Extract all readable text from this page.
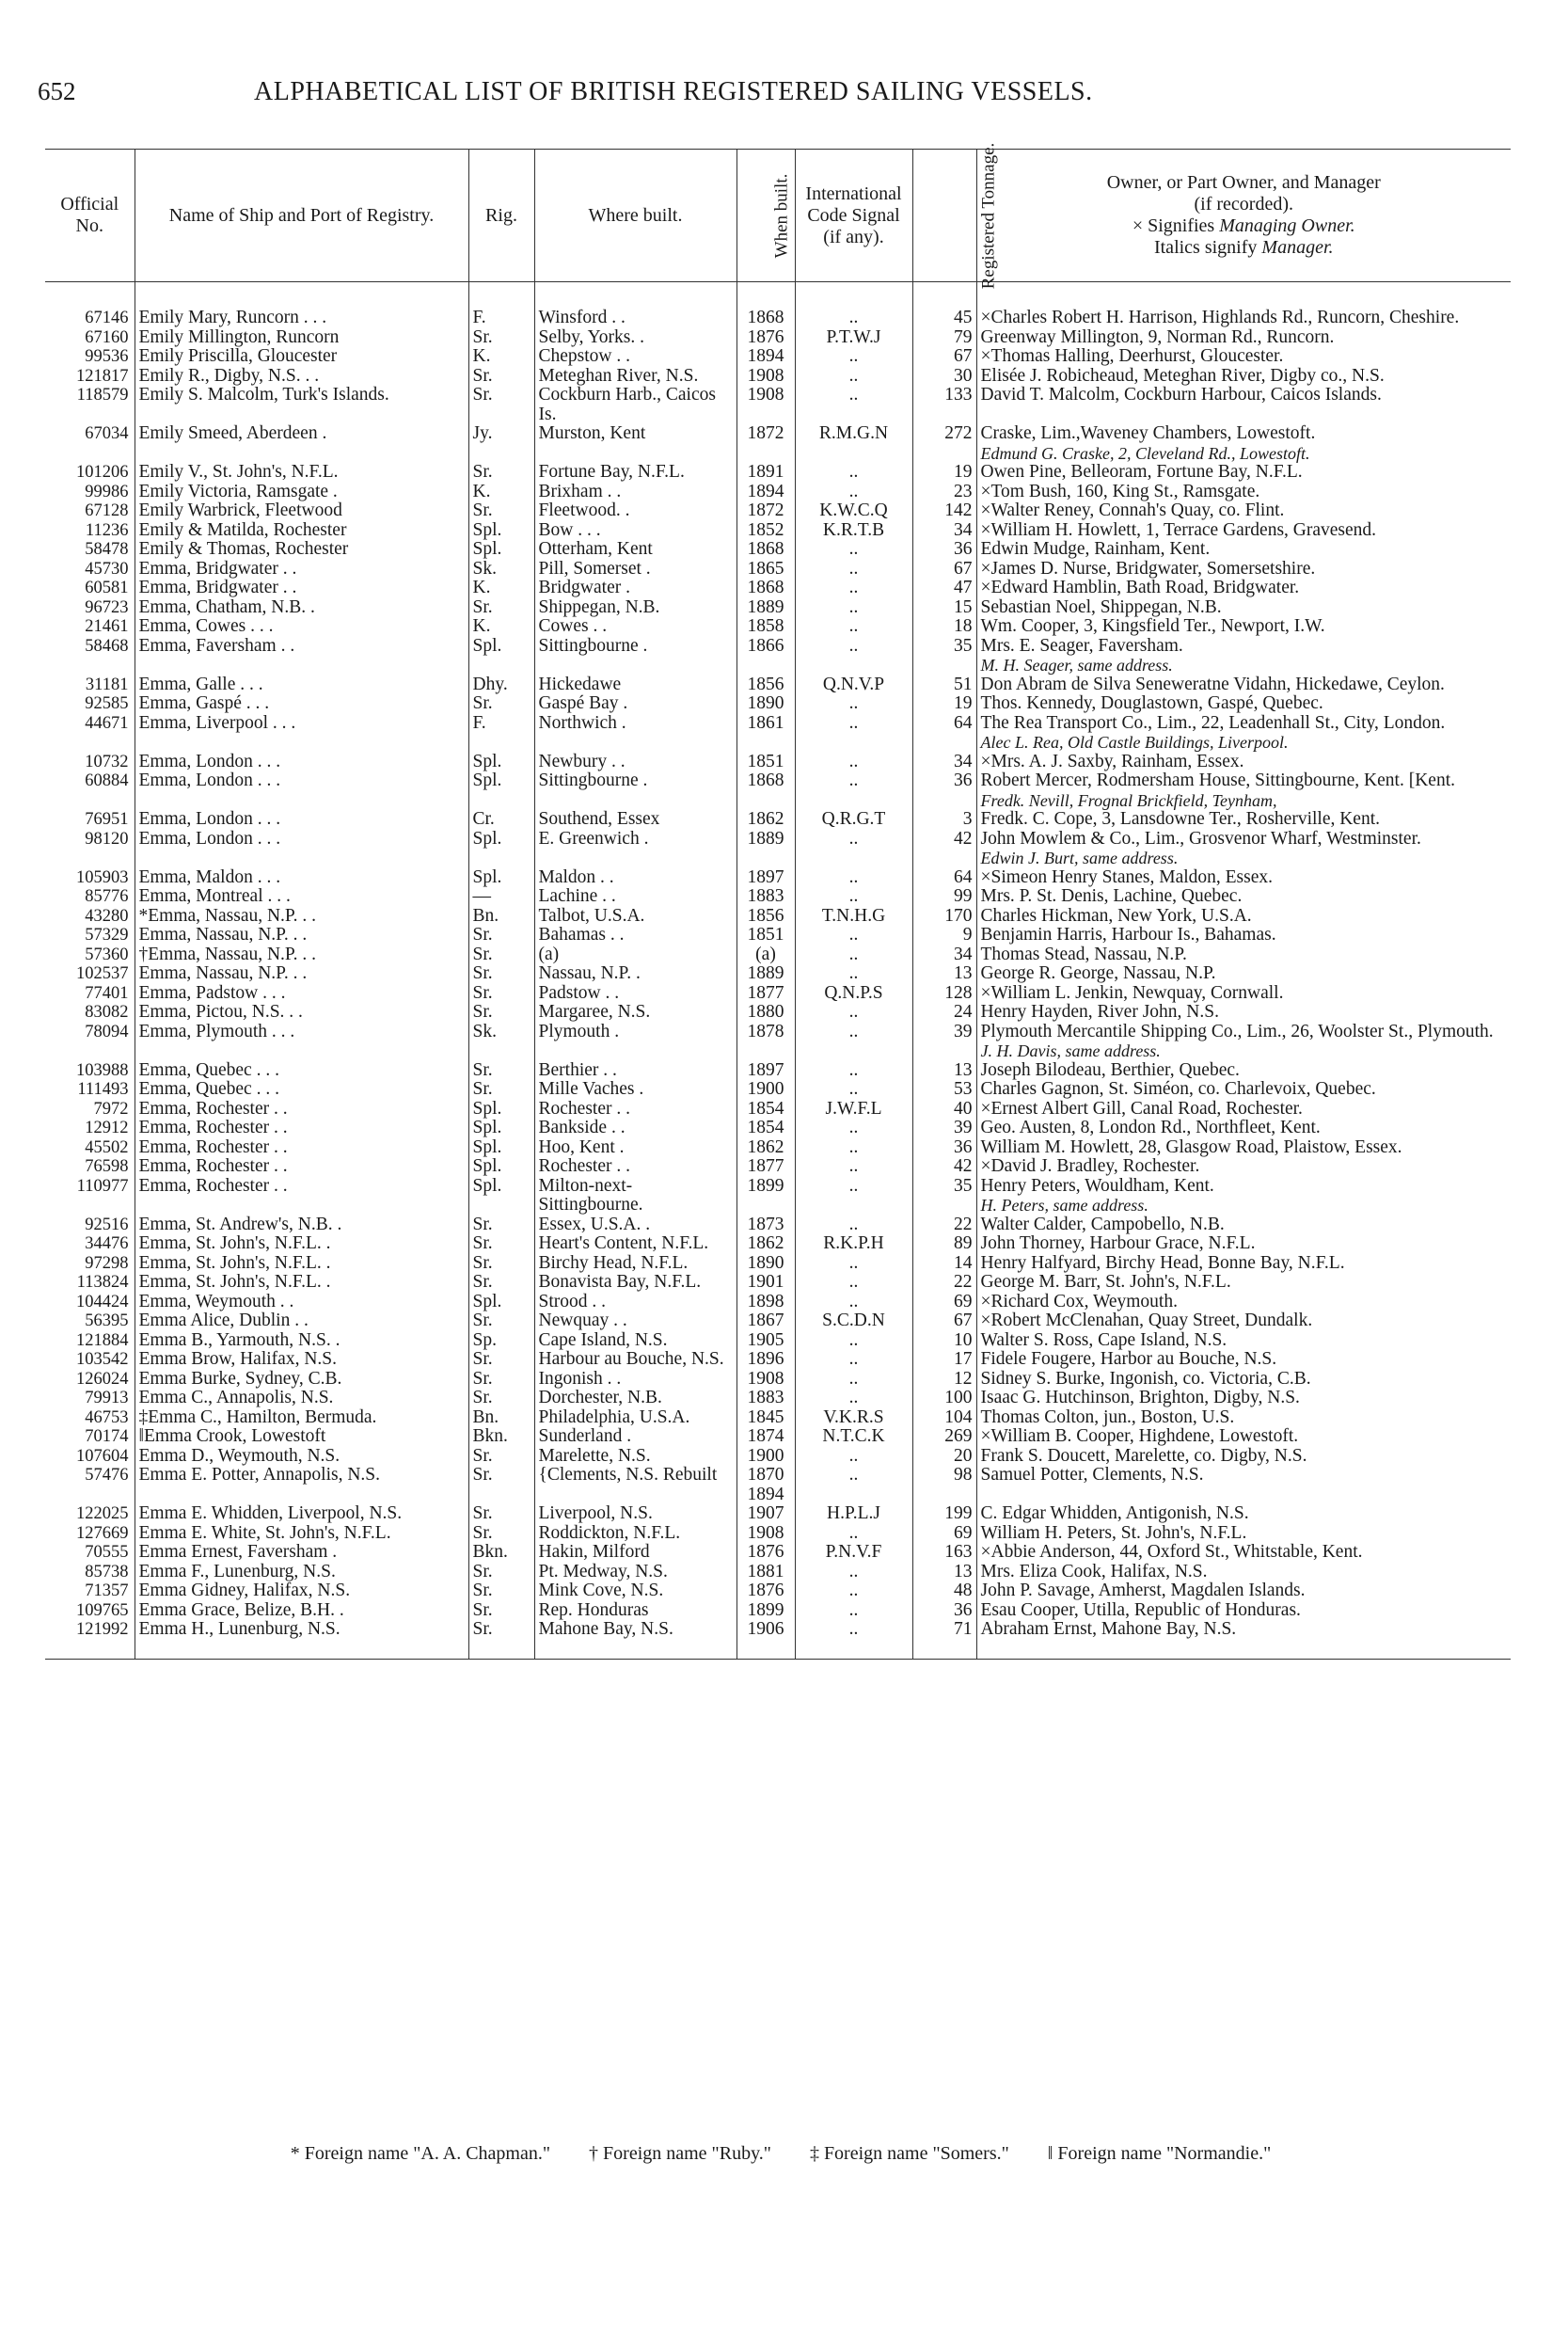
652	ALPHABETICAL LIST OF BRITISH REGISTERED SAILING VESSELS.
Official No.	Name of Ship and Port of Registry.	Rig.	Where built.	When built.	International Code Signal (if any).	Registered Tonnage.	Owner, or Part Owner, and Manager
(if recorded).
× Signifies Managing Owner.
Italics signify Manager.

67146	Emily Mary, Runcorn . . .	F.	Winsford . .	1868	..	45	×Charles Robert H. Harrison, Highlands Rd., Runcorn, Cheshire.

67160	Emily Millington, Runcorn	Sr.	Selby, Yorks. .	1876	P.T.W.J	79	Greenway Millington, 9, Norman Rd., Runcorn.

99536	Emily Priscilla, Gloucester	K.	Chepstow . .	1894	..	67	×Thomas Halling, Deerhurst, Gloucester.

121817	Emily R., Digby, N.S. . .	Sr.	Meteghan River, N.S.	1908	..	30	Elisée J. Robicheaud, Meteghan River, Digby co., N.S.

118579	Emily S. Malcolm, Turk's Islands.	Sr.	Cockburn Harb., Caicos Is.	1908	..	133	David T. Malcolm, Cockburn Harbour, Caicos Islands.

67034	Emily Smeed, Aberdeen .	Jy.	Murston, Kent	1872	R.M.G.N	272	Craske, Lim.,Waveney Chambers, Lowestoft.
Edmund G. Craske, 2, Cleveland Rd., Lowestoft.

101206	Emily V., St. John's, N.F.L.	Sr.	Fortune Bay, N.F.L.	1891	..	19	Owen Pine, Belleoram, Fortune Bay, N.F.L.

99986	Emily Victoria, Ramsgate .	K.	Brixham . .	1894	..	23	×Tom Bush, 160, King St., Ramsgate.

67128	Emily Warbrick, Fleetwood	Sr.	Fleetwood. .	1872	K.W.C.Q	142	×Walter Reney, Connah's Quay, co. Flint.

11236	Emily & Matilda, Rochester	Spl.	Bow . . .	1852	K.R.T.B	34	×William H. Howlett, 1, Terrace Gardens, Gravesend.

58478	Emily & Thomas, Rochester	Spl.	Otterham, Kent	1868	..	36	Edwin Mudge, Rainham, Kent.

45730	Emma, Bridgwater . .	Sk.	Pill, Somerset .	1865	..	67	×James D. Nurse, Bridgwater, Somersetshire.

60581	Emma, Bridgwater . .	K.	Bridgwater .	1868	..	47	×Edward Hamblin, Bath Road, Bridgwater.

96723	Emma, Chatham, N.B. .	Sr.	Shippegan, N.B.	1889	..	15	Sebastian Noel, Shippegan, N.B.

21461	Emma, Cowes . . .	K.	Cowes . .	1858	..	18	Wm. Cooper, 3, Kingsfield Ter., Newport, I.W.

58468	Emma, Faversham . .	Spl.	Sittingbourne .	1866	..	35	Mrs. E. Seager, Faversham.
M. H. Seager, same address.

31181	Emma, Galle . . .	Dhy.	Hickedawe	1856	Q.N.V.P	51	Don Abram de Silva Seneweratne Vidahn, Hickedawe, Ceylon.

92585	Emma, Gaspé . . .	Sr.	Gaspé Bay .	1890	..	19	Thos. Kennedy, Douglastown, Gaspé, Quebec.

44671	Emma, Liverpool . . .	F.	Northwich .	1861	..	64	The Rea Transport Co., Lim., 22, Leadenhall St., City, London.
Alec L. Rea, Old Castle Buildings, Liverpool.

10732	Emma, London . . .	Spl.	Newbury . .	1851	..	34	×Mrs. A. J. Saxby, Rainham, Essex.

60884	Emma, London . . .	Spl.	Sittingbourne .	1868	..	36	Robert Mercer, Rodmersham House, Sittingbourne, Kent. [Kent.
Fredk. Nevill, Frognal Brickfield, Teynham,

76951	Emma, London . . .	Cr.	Southend, Essex	1862	Q.R.G.T	3	Fredk. C. Cope, 3, Lansdowne Ter., Rosherville, Kent.

98120	Emma, London . . .	Spl.	E. Greenwich .	1889	..	42	John Mowlem & Co., Lim., Grosvenor Wharf, Westminster.
Edwin J. Burt, same address.

105903	Emma, Maldon . . .	Spl.	Maldon . .	1897	..	64	×Simeon Henry Stanes, Maldon, Essex.

85776	Emma, Montreal . . .	—	Lachine . .	1883	..	99	Mrs. P. St. Denis, Lachine, Quebec.

43280	*Emma, Nassau, N.P. . .	Bn.	Talbot, U.S.A.	1856	T.N.H.G	170	Charles Hickman, New York, U.S.A.

57329	Emma, Nassau, N.P. . .	Sr.	Bahamas . .	1851	..	9	Benjamin Harris, Harbour Is., Bahamas.

57360	†Emma, Nassau, N.P. . .	Sr.	(a)	(a)	..	34	Thomas Stead, Nassau, N.P.

102537	Emma, Nassau, N.P. . .	Sr.	Nassau, N.P. .	1889	..	13	George R. George, Nassau, N.P.

77401	Emma, Padstow . . .	Sr.	Padstow . .	1877	Q.N.P.S	128	×William L. Jenkin, Newquay, Cornwall.

83082	Emma, Pictou, N.S. . .	Sr.	Margaree, N.S.	1880	..	24	Henry Hayden, River John, N.S.

78094	Emma, Plymouth . . .	Sk.	Plymouth .	1878	..	39	Plymouth Mercantile Shipping Co., Lim., 26, Woolster St., Plymouth.
J. H. Davis, same address.

103988	Emma, Quebec . . .	Sr.	Berthier . .	1897	..	13	Joseph Bilodeau, Berthier, Quebec.

111493	Emma, Quebec . . .	Sr.	Mille Vaches .	1900	..	53	Charles Gagnon, St. Siméon, co. Charlevoix, Quebec.

7972	Emma, Rochester . .	Spl.	Rochester . .	1854	J.W.F.L	40	×Ernest Albert Gill, Canal Road, Rochester.

12912	Emma, Rochester . .	Spl.	Bankside . .	1854	..	39	Geo. Austen, 8, London Rd., Northfleet, Kent.

45502	Emma, Rochester . .	Spl.	Hoo, Kent .	1862	..	36	William M. Howlett, 28, Glasgow Road, Plaistow, Essex.

76598	Emma, Rochester . .	Spl.	Rochester . .	1877	..	42	×David J. Bradley, Rochester.

110977	Emma, Rochester . .	Spl.	Milton-next-Sittingbourne.	1899	..	35	Henry Peters, Wouldham, Kent.
H. Peters, same address.

92516	Emma, St. Andrew's, N.B. .	Sr.	Essex, U.S.A. .	1873	..	22	Walter Calder, Campobello, N.B.

34476	Emma, St. John's, N.F.L. .	Sr.	Heart's Content, N.F.L.	1862	R.K.P.H	89	John Thorney, Harbour Grace, N.F.L.

97298	Emma, St. John's, N.F.L. .	Sr.	Birchy Head, N.F.L.	1890	..	14	Henry Halfyard, Birchy Head, Bonne Bay, N.F.L.

113824	Emma, St. John's, N.F.L. .	Sr.	Bonavista Bay, N.F.L.	1901	..	22	George M. Barr, St. John's, N.F.L.

104424	Emma, Weymouth . .	Spl.	Strood . .	1898	..	69	×Richard Cox, Weymouth.

56395	Emma Alice, Dublin . .	Sr.	Newquay . .	1867	S.C.D.N	67	×Robert McClenahan, Quay Street, Dundalk.

121884	Emma B., Yarmouth, N.S. .	Sp.	Cape Island, N.S.	1905	..	10	Walter S. Ross, Cape Island, N.S.

103542	Emma Brow, Halifax, N.S.	Sr.	Harbour au Bouche, N.S.	1896	..	17	Fidele Fougere, Harbor au Bouche, N.S.

126024	Emma Burke, Sydney, C.B.	Sr.	Ingonish . .	1908	..	12	Sidney S. Burke, Ingonish, co. Victoria, C.B.

79913	Emma C., Annapolis, N.S.	Sr.	Dorchester, N.B.	1883	..	100	Isaac G. Hutchinson, Brighton, Digby, N.S.

46753	‡Emma C., Hamilton, Bermuda.	Bn.	Philadelphia, U.S.A.	1845	V.K.R.S	104	Thomas Colton, jun., Boston, U.S.

70174	‖Emma Crook, Lowestoft	Bkn.	Sunderland .	1874	N.T.C.K	269	×William B. Cooper, Highdene, Lowestoft.

107604	Emma D., Weymouth, N.S.	Sr.	Marelette, N.S.	1900	..	20	Frank S. Doucett, Marelette, co. Digby, N.S.

57476	Emma E. Potter, Annapolis, N.S.	Sr.	{Clements, N.S. Rebuilt	1870 1894	..	98	Samuel Potter, Clements, N.S.

122025	Emma E. Whidden, Liverpool, N.S.	Sr.	Liverpool, N.S.	1907	H.P.L.J	199	C. Edgar Whidden, Antigonish, N.S.

127669	Emma E. White, St. John's, N.F.L.	Sr.	Roddickton, N.F.L.	1908	..	69	William H. Peters, St. John's, N.F.L.

70555	Emma Ernest, Faversham .	Bkn.	Hakin, Milford	1876	P.N.V.F	163	×Abbie Anderson, 44, Oxford St., Whitstable, Kent.

85738	Emma F., Lunenburg, N.S.	Sr.	Pt. Medway, N.S.	1881	..	13	Mrs. Eliza Cook, Halifax, N.S.

71357	Emma Gidney, Halifax, N.S.	Sr.	Mink Cove, N.S.	1876	..	48	John P. Savage, Amherst, Magdalen Islands.

109765	Emma Grace, Belize, B.H. .	Sr.	Rep. Honduras	1899	..	36	Esau Cooper, Utilla, Republic of Honduras.

121992	Emma H., Lunenburg, N.S.	Sr.	Mahone Bay, N.S.	1906	..	71	Abraham Ernst, Mahone Bay, N.S.
* Foreign name "A. A. Chapman." † Foreign name "Ruby." ‡ Foreign name "Somers." ‖ Foreign name "Normandie."
